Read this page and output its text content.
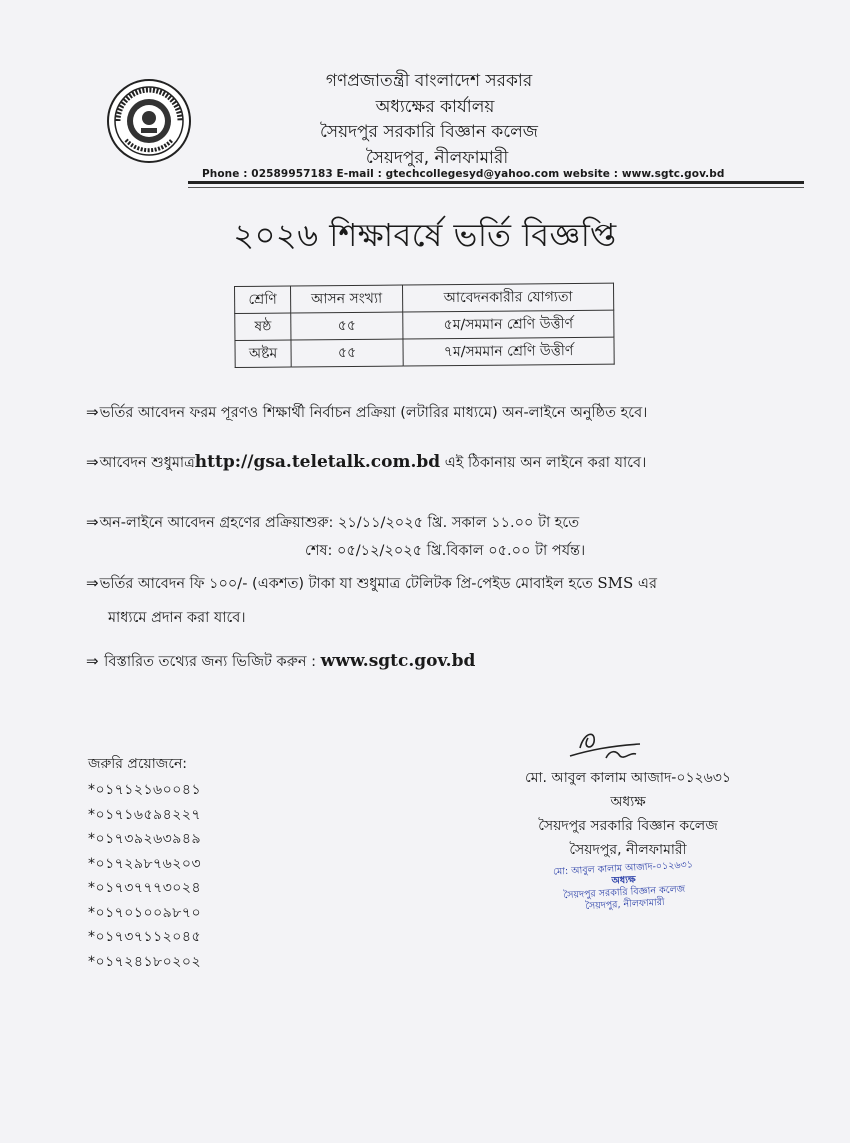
গণপ্রজাতন্ত্রী বাংলাদেশ সরকার
অধ্যক্ষের কার্যালয়
সৈয়দপুর সরকারি বিজ্ঞান কলেজ
সৈয়দপুর, নীলফামারী
Phone : 02589957183 E-mail : gtechcollegesyd@yahoo.com website : www.sgtc.gov.bd
২০২৬ শিক্ষাবর্ষে ভর্তি বিজ্ঞপ্তি
শ্রেণি	আসন সংখ্যা	আবেদনকারীর যোগ্যতা
ষষ্ঠ	৫৫	৫ম/সমমান শ্রেণি উত্তীর্ণ
অষ্টম	৫৫	৭ম/সমমান শ্রেণি উত্তীর্ণ
⇒ভর্তির আবেদন ফরম পূরণও শিক্ষার্থী নির্বাচন প্রক্রিয়া (লটারির মাধ্যমে) অন-লাইনে অনুষ্ঠিত হবে।
⇒আবেদন শুধুমাত্রhttp://gsa.teletalk.com.bd এই ঠিকানায় অন লাইনে করা যাবে।
⇒অন-লাইনে আবেদন গ্রহণের প্রক্রিয়াশুরু: ২১/১১/২০২৫ খ্রি. সকাল ১১.০০ টা হতে
শেষ: ০৫/১২/২০২৫ খ্রি.বিকাল ০৫.০০ টা পর্যন্ত।
⇒ভর্তির আবেদন ফি ১০০/- (একশত) টাকা যা শুধুমাত্র টেলিটক প্রি-পেইড মোবাইল হতে SMS এর
মাধ্যমে প্রদান করা যাবে।
⇒ বিস্তারিত তথ্যের জন্য ভিজিট করুন : www.sgtc.gov.bd
জরুরি প্রয়োজনে:
*০১৭১২১৬০০৪১
*০১৭১৬৫৯৪২২৭
*০১৭৩৯২৬৩৯৪৯
*০১৭২৯৮৭৬২০৩
*০১৭৩৭৭৭৩০২৪
*০১৭০১০০৯৮৭০
*০১৭৩৭১১২০৪৫
*০১৭২৪১৮০২০২
মো. আবুল কালাম আজাদ-০১২৬৩১
অধ্যক্ষ
সৈয়দপুর সরকারি বিজ্ঞান কলেজ
সৈয়দপুর, নীলফামারী
মো: আবুল কালাম আজাদ-০১২৬৩১
অধ্যক্ষ
সৈয়দপুর সরকারি বিজ্ঞান কলেজ
সৈয়দপুর, নীলফামারী
